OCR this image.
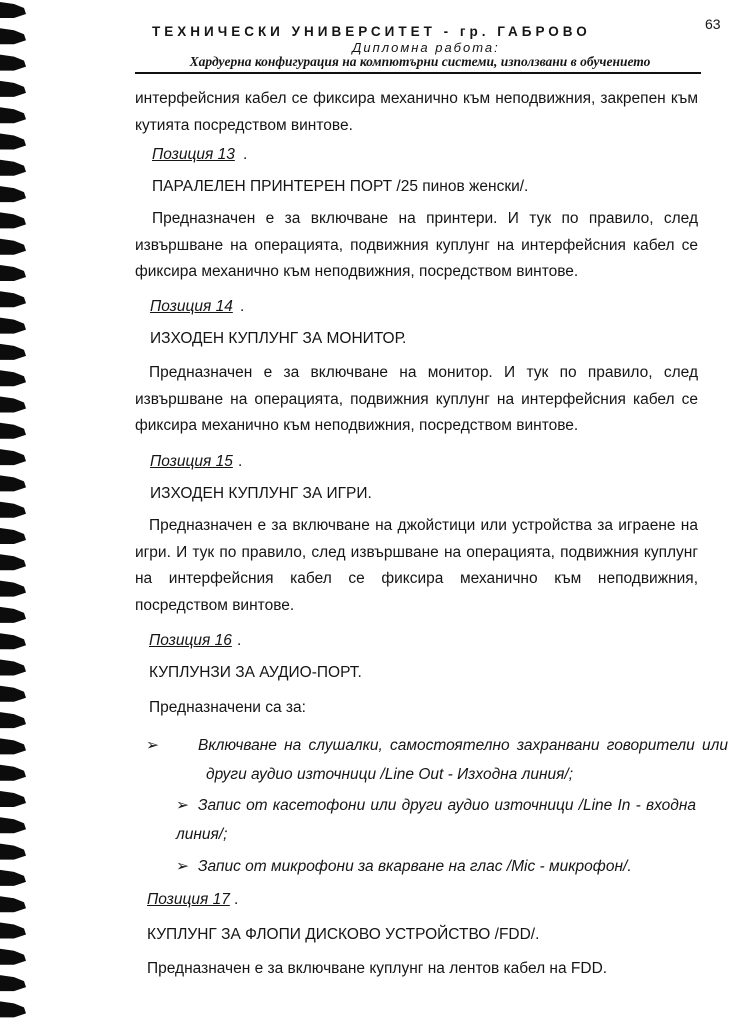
63
ТЕХНИЧЕСКИ УНИВЕРСИТЕТ - гр. ГАБРОВО
Дипломна работа:
Хардуерна конфигурация на компютърни системи, използвани в обучението
интерфейсния кабел се фиксира механично към неподвижния, закрепен към кутията посредством винтове.
Позиция 13 .
ПАРАЛЕЛЕН ПРИНТЕРЕН ПОРТ /25 пинов женски/.
Предназначен е за включване на принтери. И тук по правило, след извършване на операцията, подвижния куплунг на интерфейсния кабел се фиксира механично към неподвижния, посредством винтове.
Позиция 14 .
ИЗХОДЕН КУПЛУНГ ЗА МОНИТОР.
Предназначен е за включване на монитор. И тук по правило, след извършване на операцията, подвижния куплунг на интерфейсния кабел се фиксира механично към неподвижния, посредством винтове.
Позиция 15 .
ИЗХОДЕН КУПЛУНГ ЗА ИГРИ.
Предназначен е за включване на джойстици или устройства за играене на игри. И тук по правило, след извършване на операцията, подвижния куплунг на интерфейсния кабел се фиксира механично към неподвижния, посредством винтове.
Позиция 16 .
КУПЛУНЗИ ЗА АУДИО-ПОРТ.
Предназначени са за:
➢	Включване на слушалки, самостоятелно захранвани говорители или други аудио източници /Line Out - Изходна линия/;
➢ Запис от касетофони или други аудио източници /Line In - входна линия/;
➢ Запис от микрофони за вкарване на глас /Mic - микрофон/.
Позиция 17 .
КУПЛУНГ ЗА ФЛОПИ ДИСКОВО УСТРОЙСТВО /FDD/.
Предназначен е за включване куплунг на лентов кабел на FDD.
